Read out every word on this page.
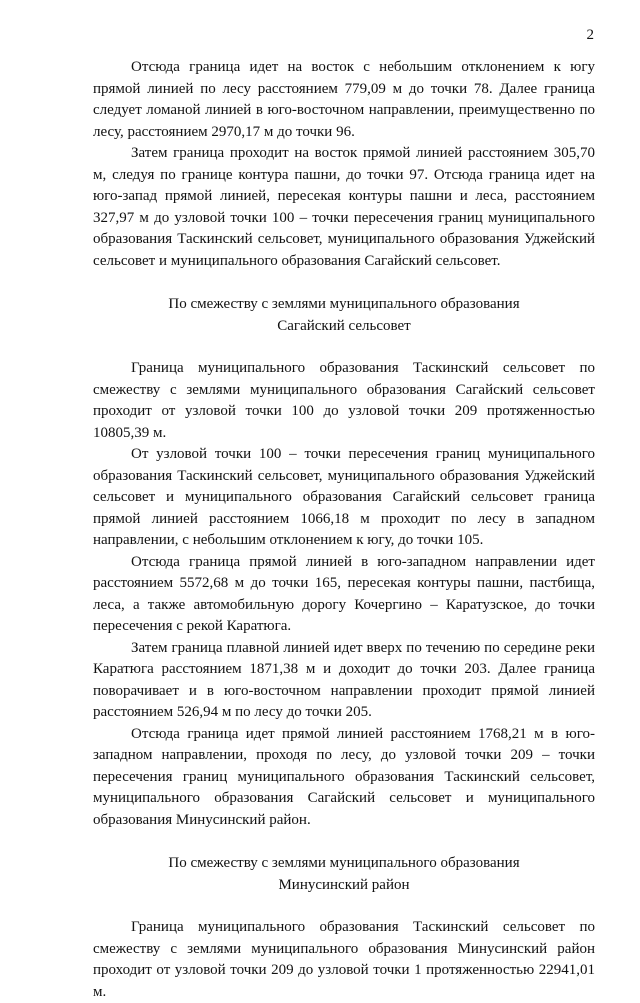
2

Отсюда граница идет на восток с небольшим отклонением к югу прямой линией по лесу расстоянием 779,09 м до точки 78. Далее граница следует ломаной линией в юго-восточном направлении, преимущественно по лесу, расстоянием 2970,17 м до точки 96.

Затем граница проходит на восток прямой линией расстоянием 305,70 м, следуя по границе контура пашни, до точки 97. Отсюда граница идет на юго-запад прямой линией, пересекая контуры пашни и леса, расстоянием 327,97 м до узловой точки 100 – точки пересечения границ муниципального образования Таскинский сельсовет, муниципального образования Уджейский сельсовет и муниципального образования Сагайский сельсовет.

По смежеству с землями муниципального образования
Сагайский сельсовет

Граница муниципального образования Таскинский сельсовет по смежеству с землями муниципального образования Сагайский сельсовет проходит от узловой точки 100 до узловой точки 209 протяженностью 10805,39 м.

От узловой точки 100 – точки пересечения границ муниципального образования Таскинский сельсовет, муниципального образования Уджейский сельсовет и муниципального образования Сагайский сельсовет граница прямой линией расстоянием 1066,18 м проходит по лесу в западном направлении, с небольшим отклонением к югу, до точки 105.

Отсюда граница прямой линией в юго-западном направлении идет расстоянием 5572,68 м до точки 165, пересекая контуры пашни, пастбища, леса, а также автомобильную дорогу Кочергино – Каратузское, до точки пересечения с рекой Каратюга.

Затем граница плавной линией идет вверх по течению по середине реки Каратюга расстоянием 1871,38 м и доходит до точки 203. Далее граница поворачивает и в юго-восточном направлении проходит прямой линией расстоянием 526,94 м по лесу до точки 205.

Отсюда граница идет прямой линией расстоянием 1768,21 м в юго-западном направлении, проходя по лесу, до узловой точки 209 – точки пересечения границ муниципального образования Таскинский сельсовет, муниципального образования Сагайский сельсовет и муниципального образования Минусинский район.

По смежеству с землями муниципального образования
Минусинский район

Граница муниципального образования Таскинский сельсовет по смежеству с землями муниципального образования Минусинский район проходит от узловой точки 209 до узловой точки 1 протяженностью 22941,01 м.
